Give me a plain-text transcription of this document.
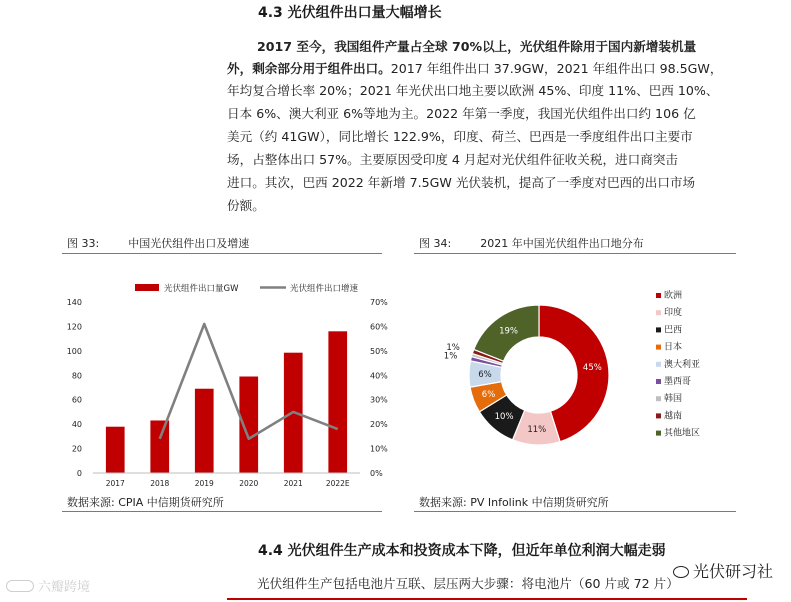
4.3 光伏组件出口量大幅增长
2017 至今，我国组件产量占全球 70%以上，光伏组件除用于国内新增装机量
外，剩余部分用于组件出口。2017 年组件出口 37.9GW，2021 年组件出口 98.5GW，
年均复合增长率 20%；2021 年光伏出口地主要以欧洲 45%、印度 11%、巴西 10%、
日本 6%、澳大利亚 6%等地为主。2022 年第一季度，我国光伏组件出口约 106 亿
美元（约 41GW），同比增长 122.9%，印度、荷兰、巴西是一季度组件出口主要市
场，占整体出口 57%。主要原因受印度 4 月起对光伏组件征收关税，进口商突击
进口。其次，巴西 2022 年新增 7.5GW 光伏装机，提高了一季度对巴西的出口市场
份额。
图 33:	中国光伏组件出口及增速	图 34:	2021 年中国光伏组件出口地分布
光伏组件出口量GW	光伏组件出口增速
0
20
40
60
80
100
120
140
0%
10%
20%
30%
40%
50%
60%
70%
2017	2018	2019	2020	2021	2022E
45%
11%
10%
6%
6%
1%
1%
19%
欧洲
印度
巴西
日本
澳大利亚
墨西哥
韩国
越南
其他地区
数据来源: CPIA 中信期货研究所	数据来源: PV Infolink 中信期货研究所
4.4 光伏组件生产成本和投资成本下降，但近年单位利润大幅走弱
光伏组件生产包括电池片互联、层压两大步骤：将电池片（60 片或 72 片）
光伏研习社
六瓣跨境
